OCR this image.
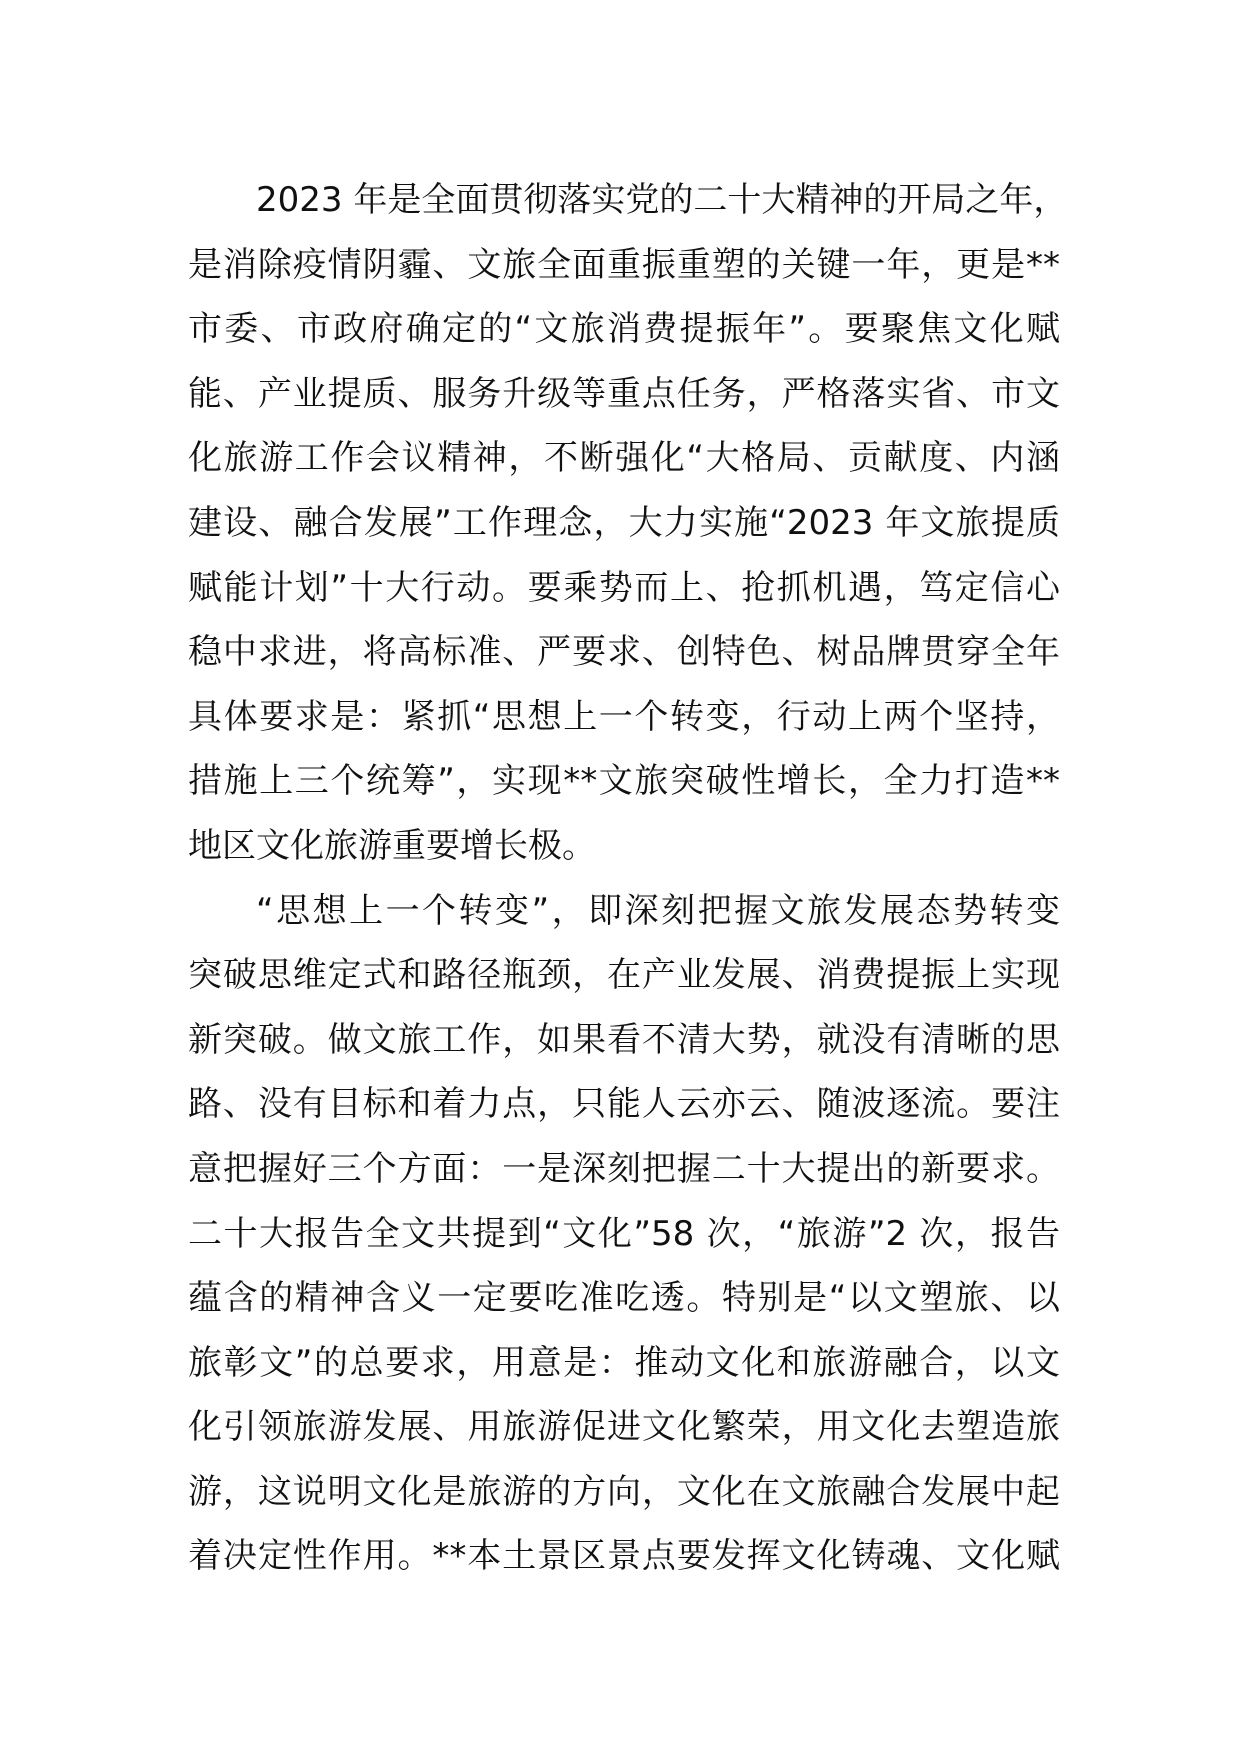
2023 年是全面贯彻落实党的二十大精神的开局之年，
是消除疫情阴霾、文旅全面重振重塑的关键一年，更是**
市委、市政府确定的“文旅消费提振年”。要聚焦文化赋
能、产业提质、服务升级等重点任务，严格落实省、市文
化旅游工作会议精神，不断强化“大格局、贡献度、内涵
建设、融合发展”工作理念，大力实施“2023 年文旅提质
赋能计划”十大行动。要乘势而上、抢抓机遇，笃定信心
稳中求进，将高标准、严要求、创特色、树品牌贯穿全年
具体要求是：紧抓“思想上一个转变，行动上两个坚持，
措施上三个统筹”，实现**文旅突破性增长，全力打造**
地区文化旅游重要增长极。
“思想上一个转变”，即深刻把握文旅发展态势转变
突破思维定式和路径瓶颈，在产业发展、消费提振上实现
新突破。做文旅工作，如果看不清大势，就没有清晰的思
路、没有目标和着力点，只能人云亦云、随波逐流。要注
意把握好三个方面：一是深刻把握二十大提出的新要求。
二十大报告全文共提到“文化”58 次，“旅游”2 次，报告
蕴含的精神含义一定要吃准吃透。特别是“以文塑旅、以
旅彰文”的总要求，用意是：推动文化和旅游融合，以文
化引领旅游发展、用旅游促进文化繁荣，用文化去塑造旅
游，这说明文化是旅游的方向，文化在文旅融合发展中起
着决定性作用。**本土景区景点要发挥文化铸魂、文化赋
